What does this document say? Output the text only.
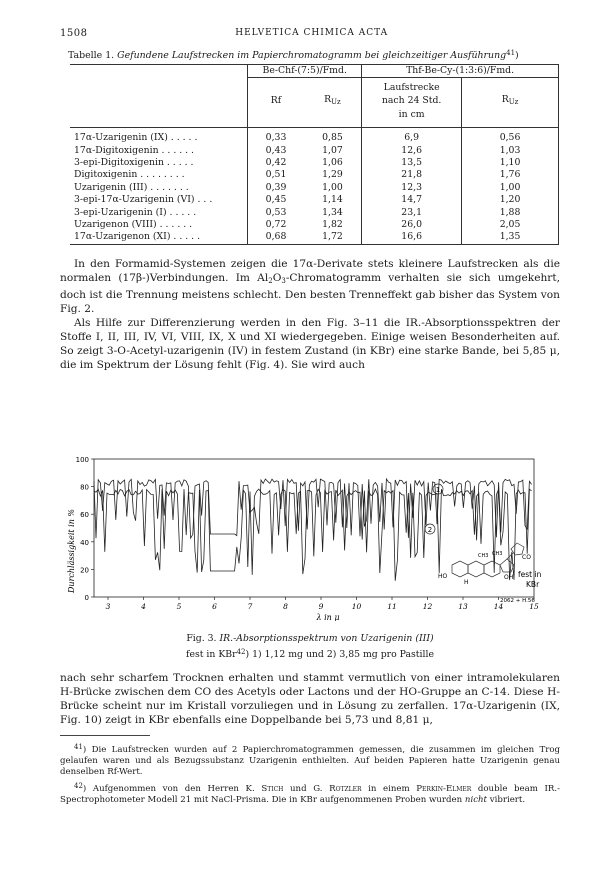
1508	HELVETICA CHIMICA ACTA
Tabelle 1. Gefundene Laufstrecken im Papierchromatogramm bei gleichzeitiger Ausführung$^{41}$)
	Be-Chf-(7:5)/Fmd.		Thf-Be-Cy-(1:3:6)/Fmd.	

			Laufstrecke	
	Rf	$R_{Uz}$	nach 24 Std.	$R_{Uz}$
			in cm	

17α-Uzarigenin (IX) . . . . .	0,33	0,85	6,9	0,56
17α-Digitoxigenin . . . . . .	0,43	1,07	12,6	1,03
3-epi-Digitoxigenin . . . . .	0,42	1,06	13,5	1,10
Digitoxigenin . . . . . . . .	0,51	1,29	21,8	1,76
Uzarigenin (III) . . . . . . .	0,39	1,00	12,3	1,00
3-epi-17α-Uzarigenin (VI) . . .	0,45	1,14	14,7	1,20
3-epi-Uzarigenin (I) . . . . .	0,53	1,34	23,1	1,88
Uzarigenon (VIII) . . . . . .	0,72	1,82	26,0	2,05
17α-Uzarigenon (XI) . . . . .	0,68	1,72	16,6	1,35

In den Formamid-Systemen zeigen die 17α-Derivate stets kleinere Laufstrecken als die normalen (17β-)Verbindungen. Im $Al_2O_3$-Chromatogramm verhalten sie sich umgekehrt, doch ist die Trennung meistens schlecht. Den besten Trenneffekt gab bisher das System von Fig. 2.

Als Hilfe zur Differenzierung werden in den Fig. 3–11 die IR.-Absorptionsspektren der Stoffe I, II, III, IV, VI, VIII, IX, X und XI wiedergegeben. Einige weisen Besonderheiten auf. So zeigt 3-O-Acetyl-uzarigenin (IV) in festem Zustand (in KBr) eine starke Bande, bei 5,85 μ, die im Spektrum der Lösung fehlt (Fig. 4). Sie wird auch

100
80
60
40
20
0
3	4	5	6	7	8	9	10	11	12	13	14	15
Durchlässigkeit in %
λ in μ
1
2
CO
HO	OH
H
CH3 CH3
fest in
KBr
2062 + H.56
Fig. 3. IR.-Absorptionsspektrum von Uzarigenin (III)
fest in KBr$^{42}$) 1) 1,12 mg und 2) 3,85 mg pro Pastille

nach sehr scharfem Trocknen erhalten und stammt vermutlich von einer intramolekularen H-Brücke zwischen dem CO des Acetyls oder Lactons und der HO-Gruppe an C-14. Diese H-Brücke scheint nur im Kristall vorzuliegen und in Lösung zu zerfallen. 17α-Uzarigenin (IX, Fig. 10) zeigt in KBr ebenfalls eine Doppelbande bei 5,73 und 8,81 μ,

$^{41}$) Die Laufstrecken wurden auf 2 Papierchromatogrammen gemessen, die zusammen im gleichen Trog gelaufen waren und als Bezugssubstanz Uzarigenin enthielten. Auf beiden Papieren hatte Uzarigenin genau denselben Rf-Wert.

$^{42}$) Aufgenommen von den Herren K. Stich und G. Rotzler in einem Perkin-Elmer double beam IR.-Spectrophotometer Modell 21 mit NaCl-Prisma. Die in KBr aufgenommenen Proben wurden nicht vibriert.
